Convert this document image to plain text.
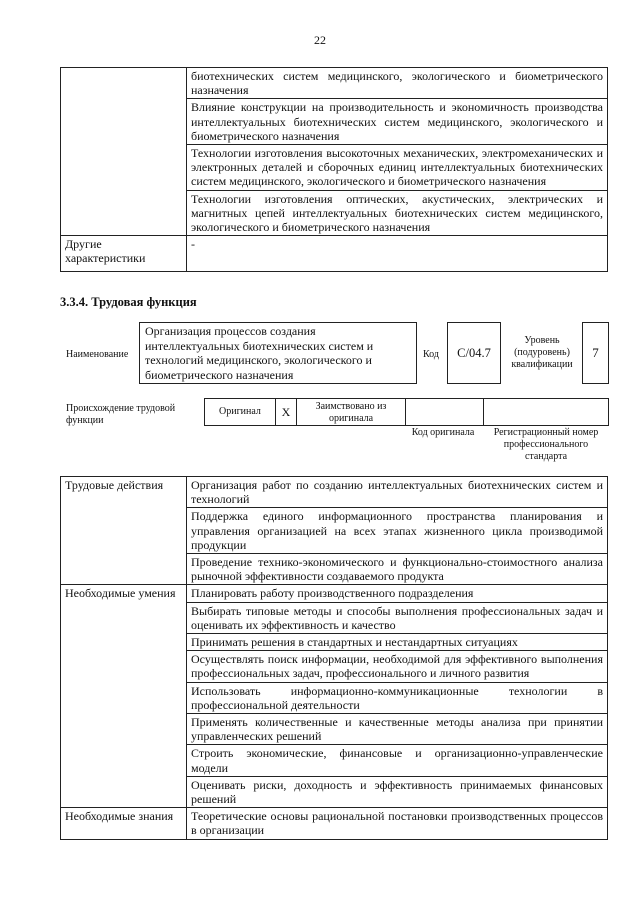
22
	биотехнических систем медицинского, экологического и биометрического назначения
	Влияние конструкции на производительность и экономичность производства интеллектуальных биотехнических систем медицинского, экологического и биометрического назначения
	Технологии изготовления высокоточных механических, электромеханических и электронных деталей и сборочных единиц интеллектуальных биотехнических систем медицинского, экологического и биометрического назначения
	Технологии изготовления оптических, акустических, электрических и магнитных цепей интеллектуальных биотехнических систем медицинского, экологического и биометрического назначения
Другие характеристики	-
3.3.4. Трудовая функция
Наименование
Организация процессов создания интеллектуальных биотехнических систем и технологий медицинского, экологического и биометрического назначения
Код	С/04.7
Уровень (подуровень) квалификации
7
Происхождение трудовой функции
Оригинал	X	Заимствовано из оригинала
Код оригинала	Регистрационный номер профессионального стандарта
Трудовые действия	Организация работ по созданию интеллектуальных биотехнических систем и технологий
	Поддержка единого информационного пространства планирования и управления организацией на всех этапах жизненного цикла производимой продукции
	Проведение технико-экономического и функционально-стоимостного анализа рыночной эффективности создаваемого продукта
Необходимые умения	Планировать работу производственного подразделения
	Выбирать типовые методы и способы выполнения профессиональных задач и оценивать их эффективность и качество
	Принимать решения в стандартных и нестандартных ситуациях
	Осуществлять поиск информации, необходимой для эффективного выполнения профессиональных задач, профессионального и личного развития
	Использовать информационно-коммуникационные технологии в профессиональной деятельности
	Применять количественные и качественные методы анализа при принятии управленческих решений
	Строить экономические, финансовые и организационно-управленческие модели
	Оценивать риски, доходность и эффективность принимаемых финансовых решений
Необходимые знания	Теоретические основы рациональной постановки производственных процессов в организации
